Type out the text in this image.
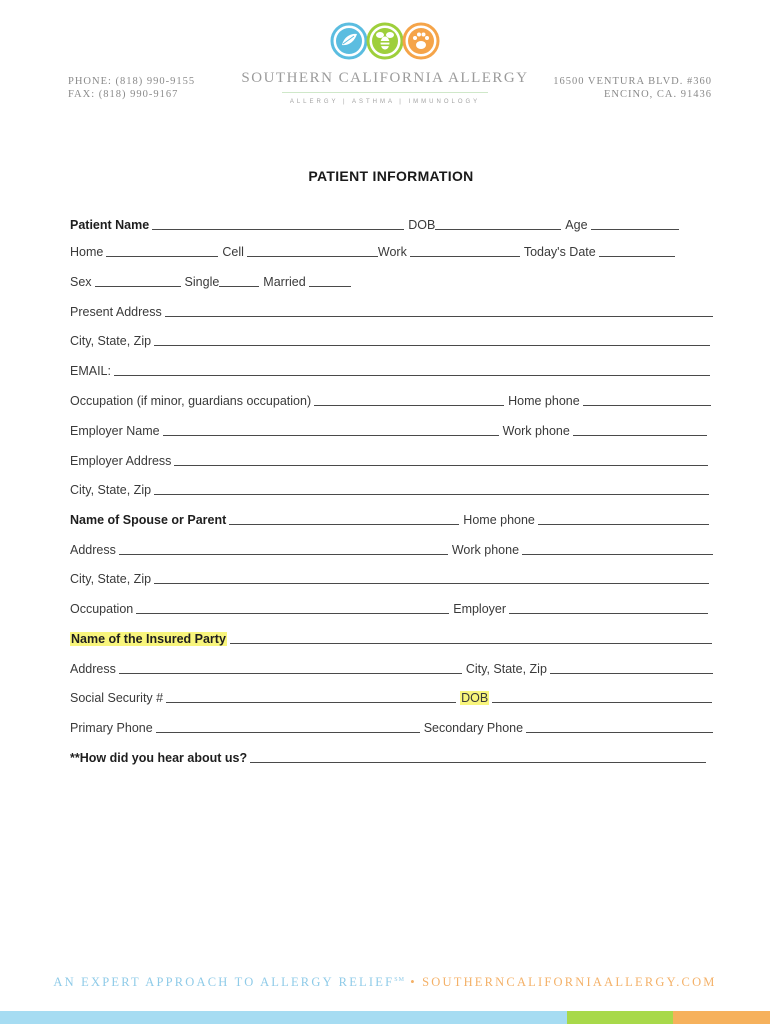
PHONE: (818) 990-9155
FAX: (818) 990-9167
SOUTHERN CALIFORNIA ALLERGY
ALLERGY | ASTHMA | IMMUNOLOGY
16500 VENTURA BLVD. #360
ENCINO, CA. 91436
PATIENT INFORMATION
Patient Name	DOB	Age
Home	Cell	Work	Today's Date
Sex	Single	Married
Present Address
City, State, Zip
EMAIL:
Occupation (if minor, guardians occupation)	Home phone
Employer Name	Work phone
Employer Address
City, State, Zip
Name of Spouse or Parent	Home phone
Address	Work phone
City, State, Zip
Occupation	Employer
Name of the Insured Party
Address	City, State, Zip
Social Security #	DOB
Primary Phone	Secondary Phone
**How did you hear about us?
AN EXPERT APPROACH TO ALLERGY RELIEF℠ • SOUTHERNCALIFORNIAALLERGY.COM
